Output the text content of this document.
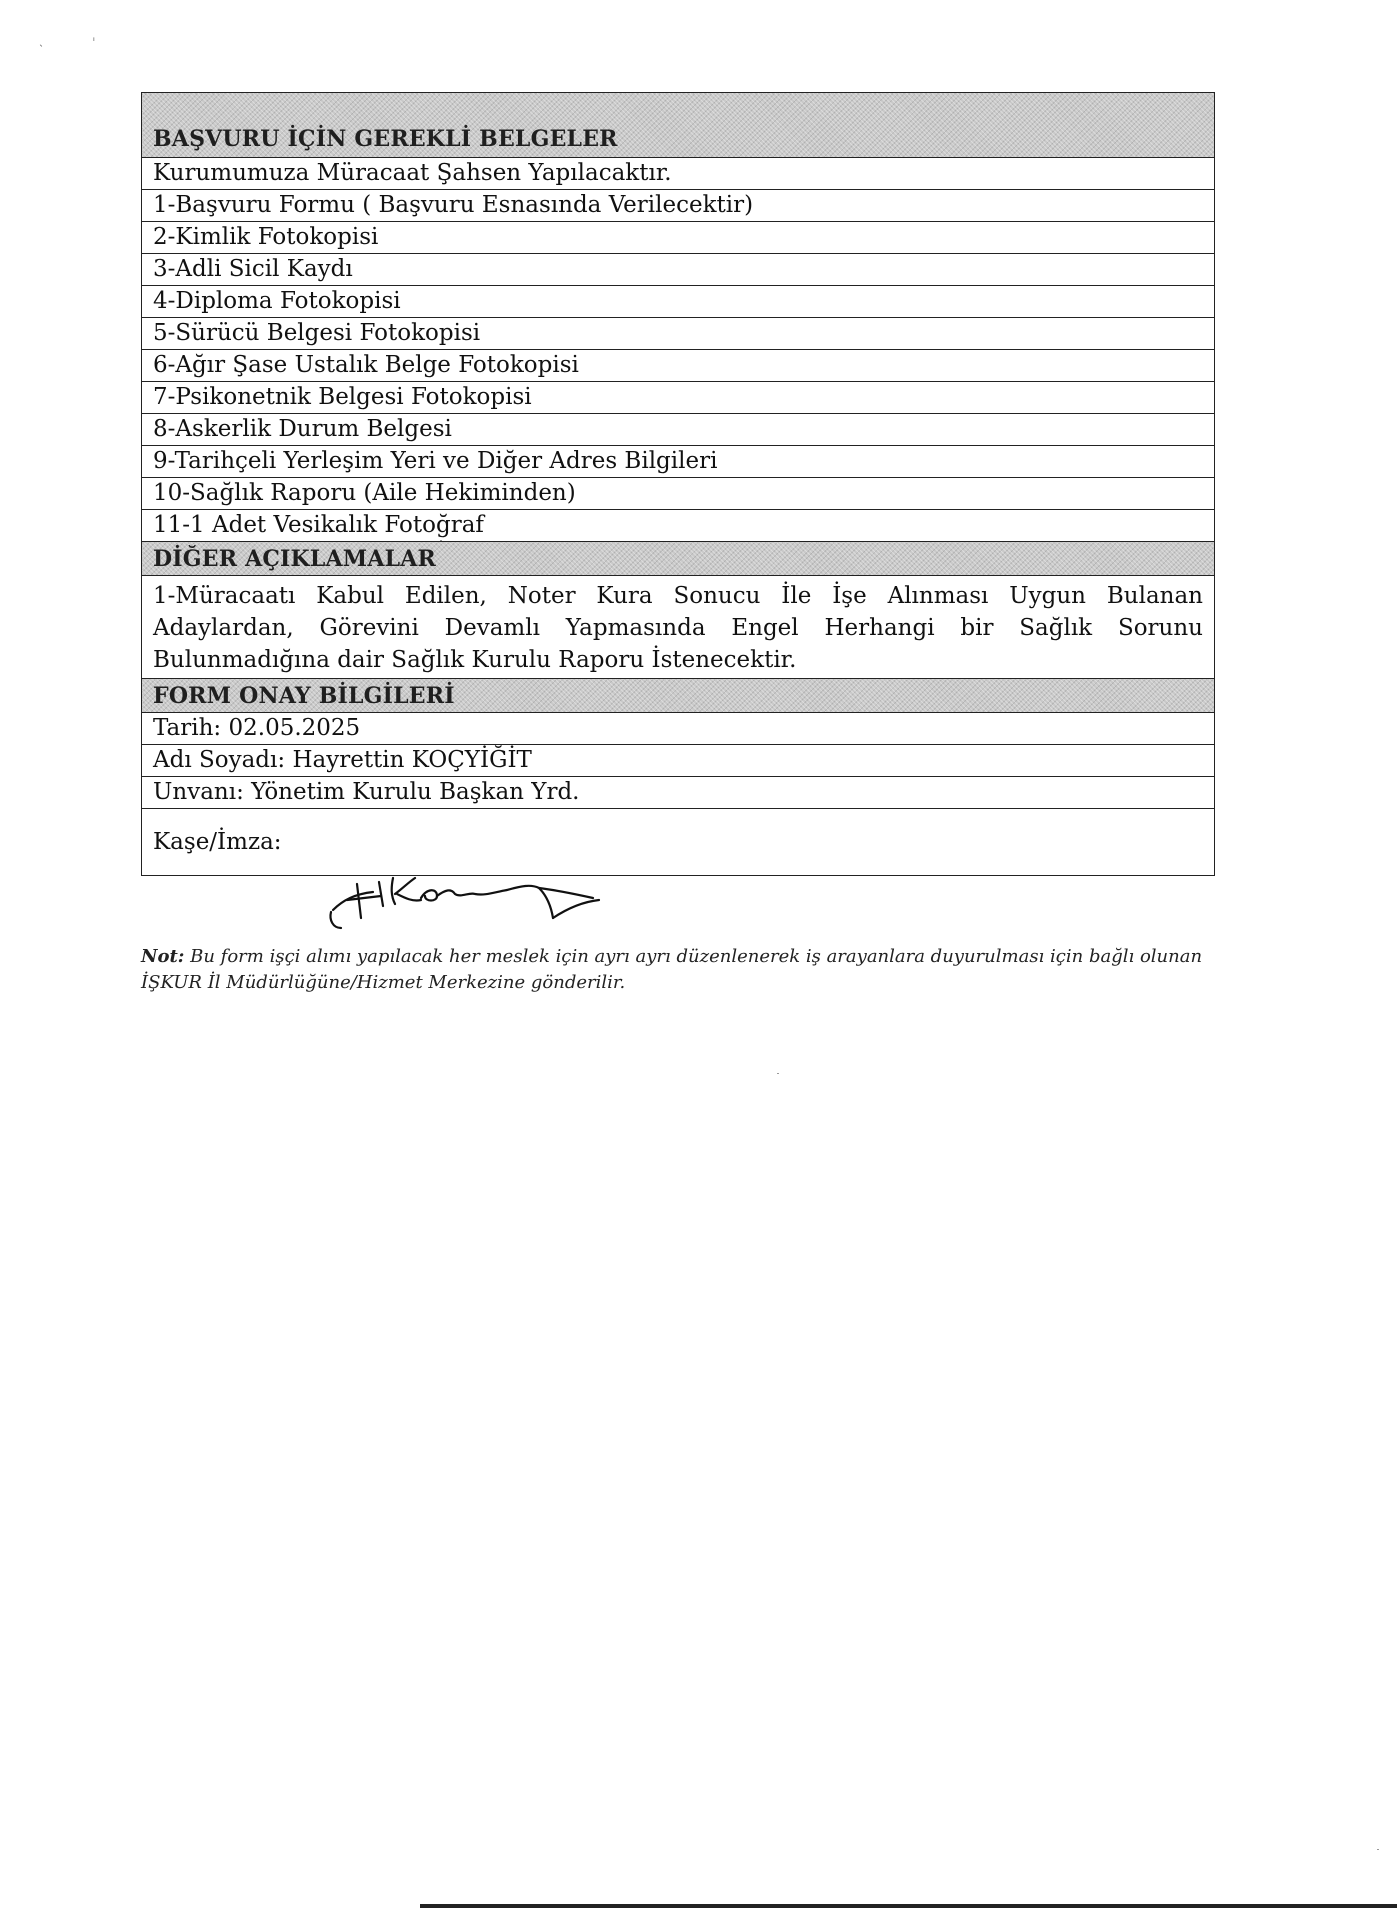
ˎ	ᵢ
BAŞVURU İÇİN GEREKLİ BELGELER
Kurumumuza Müracaat Şahsen Yapılacaktır.
1-Başvuru Formu ( Başvuru Esnasında Verilecektir)
2-Kimlik Fotokopisi
3-Adli Sicil Kaydı
4-Diploma Fotokopisi
5-Sürücü Belgesi Fotokopisi
6-Ağır Şase Ustalık Belge Fotokopisi
7-Psikonetnik Belgesi Fotokopisi
8-Askerlik Durum Belgesi
9-Tarihçeli Yerleşim Yeri ve Diğer Adres Bilgileri
10-Sağlık Raporu (Aile Hekiminden)
11-1 Adet Vesikalık Fotoğraf
DİĞER AÇIKLAMALAR
1-Müracaatı Kabul Edilen, Noter Kura Sonucu İle İşe Alınması Uygun Bulanan Adaylardan, Görevini Devamlı Yapmasında Engel Herhangi bir Sağlık Sorunu Bulunmadığına dair Sağlık Kurulu Raporu İstenecektir.
FORM ONAY BİLGİLERİ
Tarih: 02.05.2025
Adı Soyadı: Hayrettin KOÇYİĞİT
Unvanı: Yönetim Kurulu Başkan Yrd.
Kaşe/İmza:
Not: Bu form işçi alımı yapılacak her meslek için ayrı ayrı düzenlenerek iş arayanlara duyurulması için bağlı olunan İŞKUR İl Müdürlüğüne/Hizmet Merkezine gönderilir.
